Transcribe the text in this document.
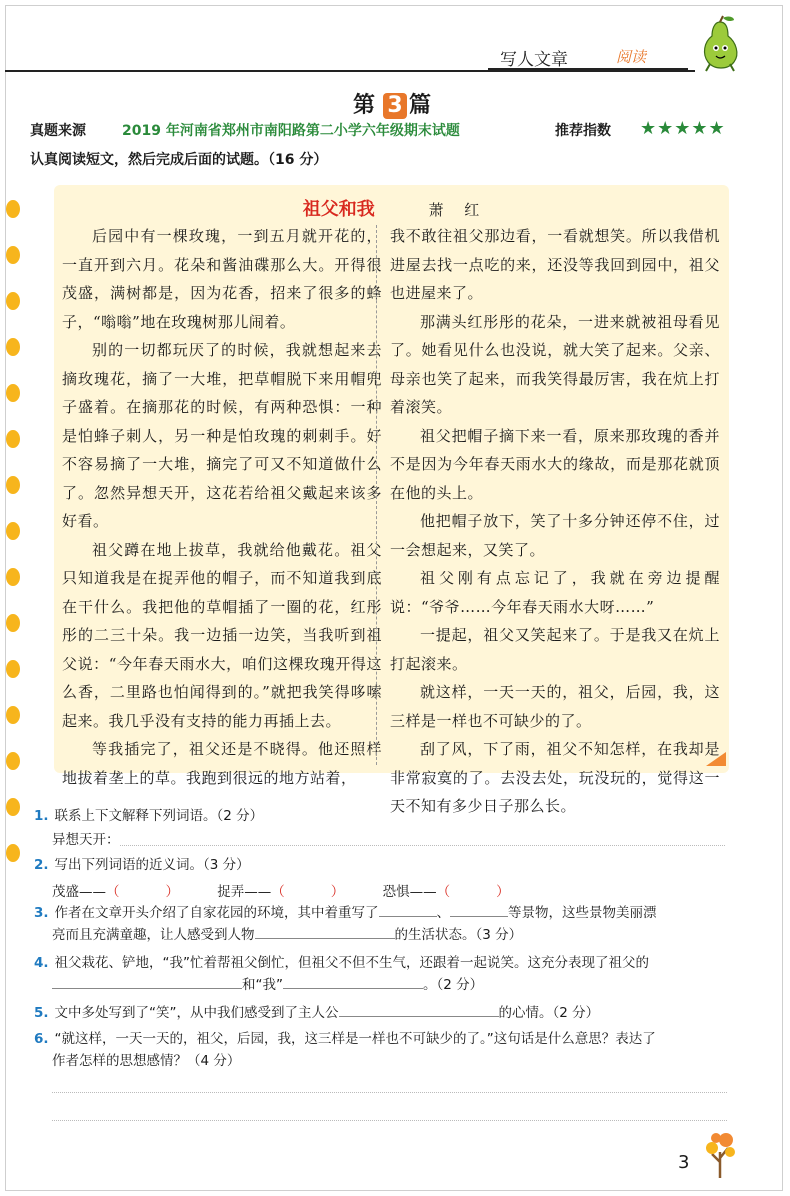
写人文章	阅读
第 3 篇
真题来源	2019 年河南省郑州市南阳路第二小学六年级期末试题	推荐指数 ★★★★★
认真阅读短文，然后完成后面的试题。（16 分）
祖父和我	萧 红

后园中有一棵玫瑰，一到五月就开花的，一直开到六月。花朵和酱油碟那么大。开得很茂盛，满树都是，因为花香，招来了很多的蜂子，“嗡嗡”地在玫瑰树那儿闹着。

别的一切都玩厌了的时候，我就想起来去摘玫瑰花，摘了一大堆，把草帽脱下来用帽兜子盛着。在摘那花的时候，有两种恐惧：一种是怕蜂子刺人，另一种是怕玫瑰的刺刺手。好不容易摘了一大堆，摘完了可又不知道做什么了。忽然异想天开，这花若给祖父戴起来该多好看。

祖父蹲在地上拔草，我就给他戴花。祖父只知道我是在捉弄他的帽子，而不知道我到底在干什么。我把他的草帽插了一圈的花，红彤彤的二三十朵。我一边插一边笑，当我听到祖父说：“今年春天雨水大，咱们这棵玫瑰开得这么香，二里路也怕闻得到的。”就把我笑得哆嗦起来。我几乎没有支持的能力再插上去。

等我插完了，祖父还是不晓得。他还照样地拔着垄上的草。我跑到很远的地方站着，

我不敢往祖父那边看，一看就想笑。所以我借机进屋去找一点吃的来，还没等我回到园中，祖父也进屋来了。

那满头红彤彤的花朵，一进来就被祖母看见了。她看见什么也没说，就大笑了起来。父亲、母亲也笑了起来，而我笑得最厉害，我在炕上打着滚笑。

祖父把帽子摘下来一看，原来那玫瑰的香并不是因为今年春天雨水大的缘故，而是那花就顶在他的头上。

他把帽子放下，笑了十多分钟还停不住，过一会想起来，又笑了。

祖父刚有点忘记了，我就在旁边提醒说：“爷爷……今年春天雨水大呀……”

一提起，祖父又笑起来了。于是我又在炕上打起滚来。

就这样，一天一天的，祖父，后园，我，这三样是一样也不可缺少的了。

刮了风，下了雨，祖父不知怎样，在我却是非常寂寞的了。去没去处，玩没玩的，觉得这一天不知有多少日子那么长。

1. 联系上下文解释下列词语。（2 分）
异想天开：
2. 写出下列词语的近义词。（3 分）
茂盛——（	）	捉弄——（	）	恐惧——（	）
3. 作者在文章开头介绍了自家花园的环境，其中着重写了	、	等景物，这些景物美丽漂
亮而且充满童趣，让人感受到人物	的生活状态。（3 分）
4. 祖父栽花、铲地，“我”忙着帮祖父倒忙，但祖父不但不生气，还跟着一起说笑。这充分表现了祖父的
和“我”	。（2 分）
5. 文中多处写到了“笑”，从中我们感受到了主人公	的心情。（2 分）
6. “就这样，一天一天的，祖父，后园，我，这三样是一样也不可缺少的了。”这句话是什么意思？表达了
作者怎样的思想感情？（4 分）
3
